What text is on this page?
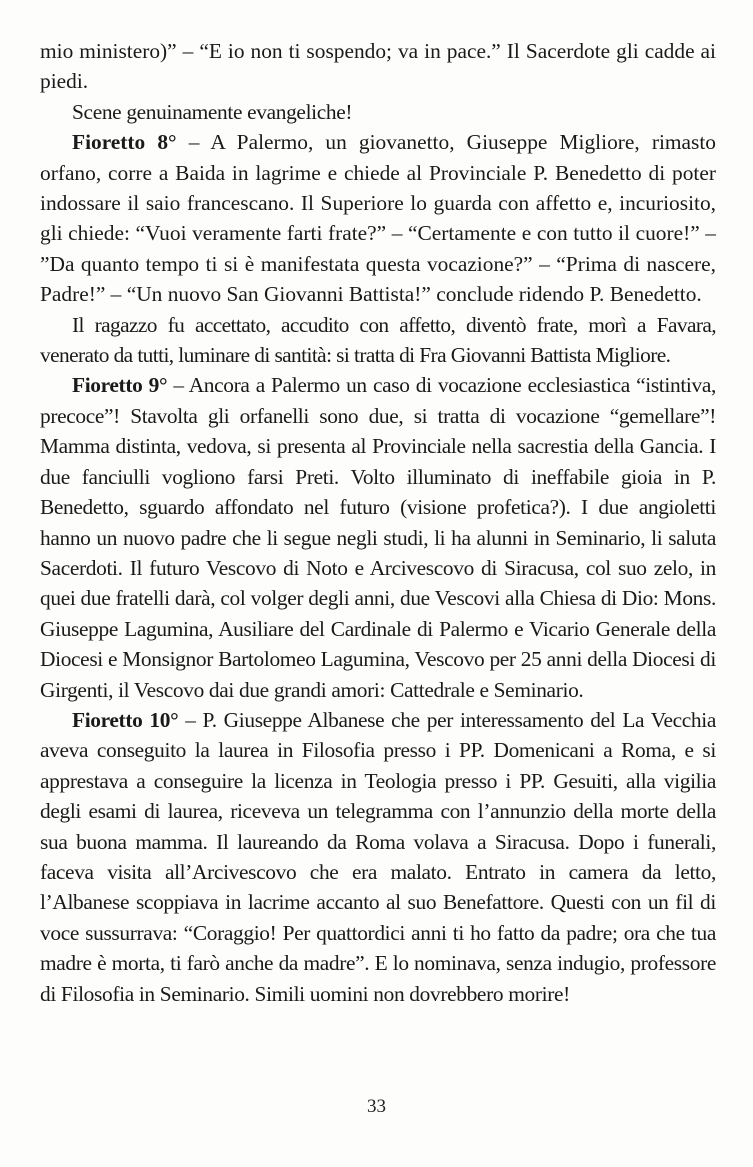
mio ministero)” – “E io non ti sospendo; va in pace.” Il Sacerdote gli cadde ai piedi.

Scene genuinamente evangeliche!

Fioretto 8° – A Palermo, un giovanetto, Giuseppe Migliore, rimasto orfano, corre a Baida in lagrime e chiede al Provinciale P. Benedetto di poter indossare il saio francescano. Il Superiore lo guarda con affetto e, incuriosito, gli chiede: “Vuoi veramente farti frate?” – “Certamente e con tutto il cuore!” – ”Da quanto tempo ti si è manifestata questa vocazione?” – “Prima di nascere, Padre!” – “Un nuovo San Giovanni Battista!” conclude ridendo P. Benedetto.

Il ragazzo fu accettato, accudito con affetto, diventò frate, morì a Favara, venerato da tutti, luminare di santità: si tratta di Fra Giovanni Battista Migliore.

Fioretto 9° – Ancora a Palermo un caso di vocazione ecclesiastica “istintiva, precoce”! Stavolta gli orfanelli sono due, si tratta di vocazione “gemellare”! Mamma distinta, vedova, si presenta al Provinciale nella sacrestia della Gancia. I due fanciulli vogliono farsi Preti. Volto illuminato di ineffabile gioia in P. Benedetto, sguardo affondato nel futuro (visione profetica?). I due angioletti hanno un nuovo padre che li segue negli studi, li ha alunni in Seminario, li saluta Sacerdoti. Il futuro Vescovo di Noto e Arcivescovo di Siracusa, col suo zelo, in quei due fratelli darà, col volger degli anni, due Vescovi alla Chiesa di Dio: Mons. Giuseppe Lagumina, Ausiliare del Cardinale di Palermo e Vicario Generale della Diocesi e Monsignor Bartolomeo Lagumina, Vescovo per 25 anni della Diocesi di Girgenti, il Vescovo dai due grandi amori: Cattedrale e Seminario.

Fioretto 10° – P. Giuseppe Albanese che per interessamento del La Vecchia aveva conseguito la laurea in Filosofia presso i PP. Domenicani a Roma, e si apprestava a conseguire la licenza in Teologia presso i PP. Gesuiti, alla vigilia degli esami di laurea, riceveva un telegramma con l’annunzio della morte della sua buona mamma. Il laureando da Roma volava a Siracusa. Dopo i funerali, faceva visita all’Arcivescovo che era malato. Entrato in camera da letto, l’Albanese scoppiava in lacrime accanto al suo Benefattore. Questi con un fil di voce sussurrava: “Coraggio! Per quattordici anni ti ho fatto da padre; ora che tua madre è morta, ti farò anche da madre”. E lo nominava, senza indugio, professore di Filosofia in Seminario. Simili uomini non dovrebbero morire!

33
